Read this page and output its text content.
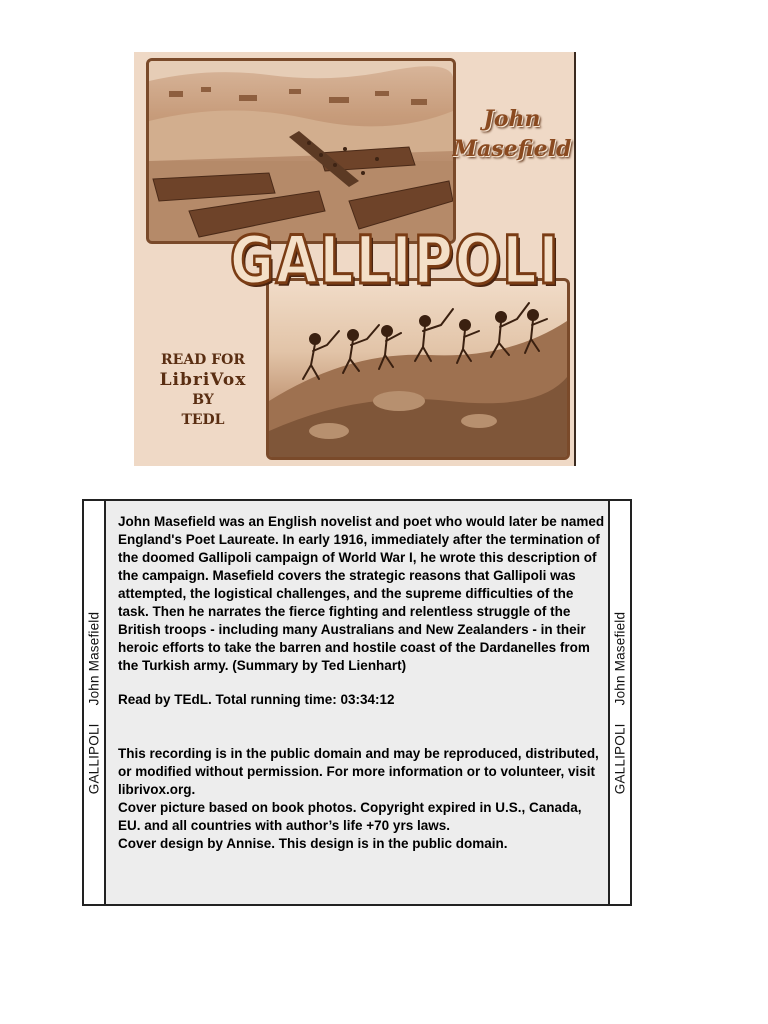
John Masefield
GALLIPOLI
READ FOR
LibriVox
BY
TEDL
GALLIPOLIJohn Masefield

John Masefield was an English novelist and poet who would later be named England's Poet Laureate. In early 1916, immediately after the termination of the doomed Gallipoli campaign of World War I, he wrote this description of the campaign. Masefield covers the strategic reasons that Gallipoli was attempted, the logistical challenges, and the supreme difficulties of the task. Then he narrates the fierce fighting and relentless struggle of the British troops - including many Australians and New Zealanders - in their heroic efforts to take the barren and hostile coast of the Dardanelles from the Turkish army. (Summary by Ted Lienhart)

Read by TEdL. Total running time: 03:34:12

This recording is in the public domain and may be reproduced, distributed, or modified without permission. For more information or to volunteer, visit librivox.org.

Cover picture based on book photos. Copyright expired in U.S., Canada, EU. and all countries with author’s life +70 yrs laws.

Cover design by Annise. This design is in the public domain.

GALLIPOLIJohn Masefield
